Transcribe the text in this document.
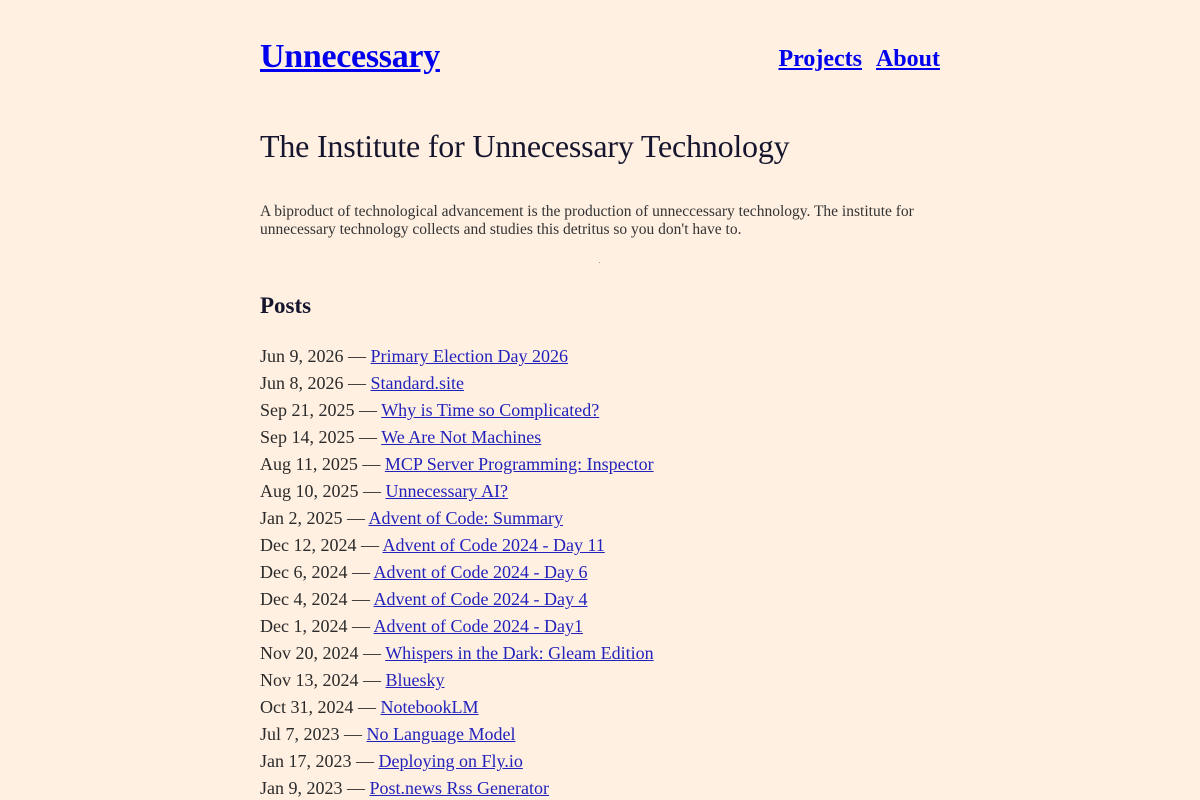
Unnecessary	Projects About
The Institute for Unnecessary Technology

A biproduct of technological advancement is the production of unneccessary technology. The institute for unnecessary technology collects and studies this detritus so you don't have to.

Posts
Jun 9, 2026 — Primary Election Day 2026
Jun 8, 2026 — Standard.site
Sep 21, 2025 — Why is Time so Complicated?
Sep 14, 2025 — We Are Not Machines
Aug 11, 2025 — MCP Server Programming: Inspector
Aug 10, 2025 — Unnecessary AI?
Jan 2, 2025 — Advent of Code: Summary
Dec 12, 2024 — Advent of Code 2024 - Day 11
Dec 6, 2024 — Advent of Code 2024 - Day 6
Dec 4, 2024 — Advent of Code 2024 - Day 4
Dec 1, 2024 — Advent of Code 2024 - Day1
Nov 20, 2024 — Whispers in the Dark: Gleam Edition
Nov 13, 2024 — Bluesky
Oct 31, 2024 — NotebookLM
Jul 7, 2023 — No Language Model
Jan 17, 2023 — Deploying on Fly.io
Jan 9, 2023 — Post.news Rss Generator
